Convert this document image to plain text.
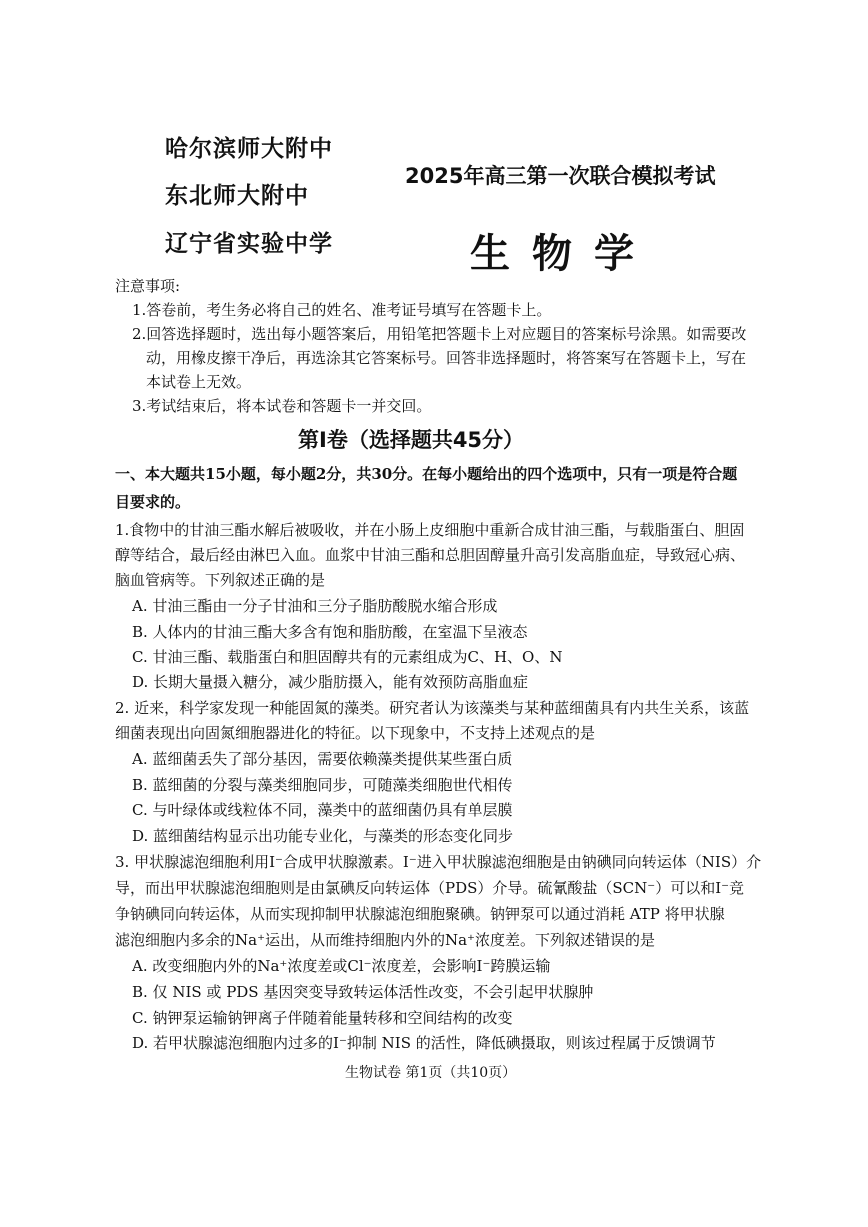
哈尔滨师大附中
东北师大附中
辽宁省实验中学
2025年高三第一次联合模拟考试
生物学
注意事项:
1.答卷前，考生务必将自己的姓名、准考证号填写在答题卡上。
2.回答选择题时，选出每小题答案后，用铅笔把答题卡上对应题目的答案标号涂黑。如需要改
动，用橡皮擦干净后，再选涂其它答案标号。回答非选择题时，将答案写在答题卡上，写在
本试卷上无效。
3.考试结束后，将本试卷和答题卡一并交回。
第I卷（选择题共45分）
一、本大题共15小题，每小题2分，共30分。在每小题给出的四个选项中，只有一项是符合题
目要求的。
1.食物中的甘油三酯水解后被吸收，并在小肠上皮细胞中重新合成甘油三酯，与载脂蛋白、胆固
醇等结合，最后经由淋巴入血。血浆中甘油三酯和总胆固醇量升高引发高脂血症，导致冠心病、
脑血管病等。下列叙述正确的是
A. 甘油三酯由一分子甘油和三分子脂肪酸脱水缩合形成
B. 人体内的甘油三酯大多含有饱和脂肪酸，在室温下呈液态
C. 甘油三酯、载脂蛋白和胆固醇共有的元素组成为C、H、O、N
D. 长期大量摄入糖分，减少脂肪摄入，能有效预防高脂血症
2. 近来，科学家发现一种能固氮的藻类。研究者认为该藻类与某种蓝细菌具有内共生关系，该蓝
细菌表现出向固氮细胞器进化的特征。以下现象中，不支持上述观点的是
A. 蓝细菌丢失了部分基因，需要依赖藻类提供某些蛋白质
B. 蓝细菌的分裂与藻类细胞同步，可随藻类细胞世代相传
C. 与叶绿体或线粒体不同，藻类中的蓝细菌仍具有单层膜
D. 蓝细菌结构显示出功能专业化，与藻类的形态变化同步
3. 甲状腺滤泡细胞利用I⁻合成甲状腺激素。I⁻进入甲状腺滤泡细胞是由钠碘同向转运体（NIS）介
导，而出甲状腺滤泡细胞则是由氯碘反向转运体（PDS）介导。硫氰酸盐（SCN⁻）可以和I⁻竞
争钠碘同向转运体，从而实现抑制甲状腺滤泡细胞聚碘。钠钾泵可以通过消耗 ATP 将甲状腺
滤泡细胞内多余的Na⁺运出，从而维持细胞内外的Na⁺浓度差。下列叙述错误的是
A. 改变细胞内外的Na⁺浓度差或Cl⁻浓度差，会影响I⁻跨膜运输
B. 仅 NIS 或 PDS 基因突变导致转运体活性改变，不会引起甲状腺肿
C. 钠钾泵运输钠钾离子伴随着能量转移和空间结构的改变
D. 若甲状腺滤泡细胞内过多的I⁻抑制 NIS 的活性，降低碘摄取，则该过程属于反馈调节
生物试卷 第1页（共10页）
